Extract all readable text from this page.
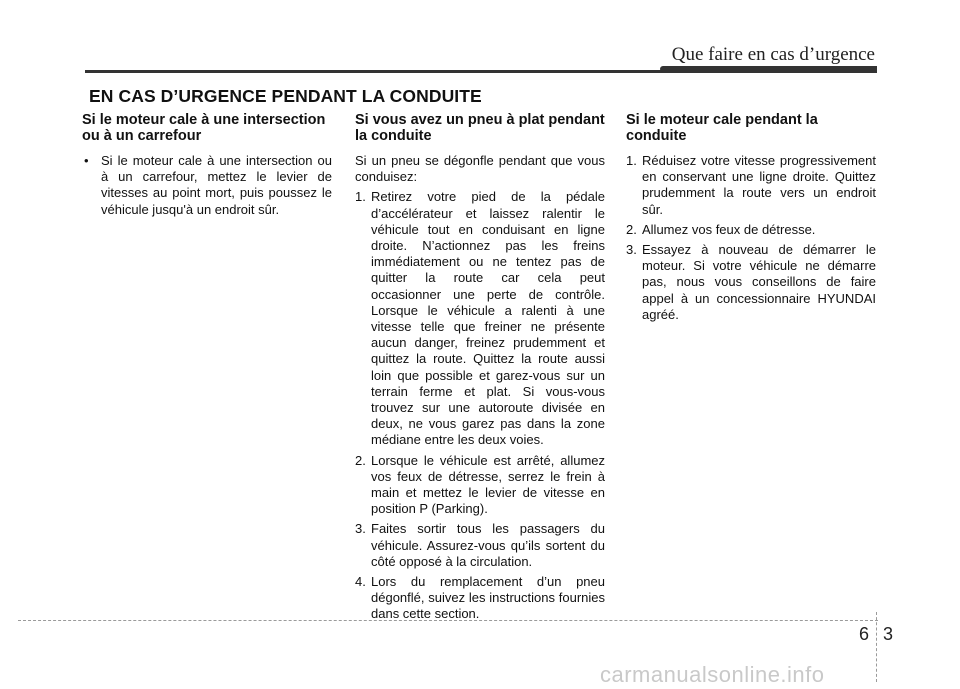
Que faire en cas d’urgence
EN CAS D’URGENCE PENDANT LA CONDUITE
Si le moteur cale à une intersection ou à un carrefour
• Si le moteur cale à une intersection ou à un carrefour, mettez le levier de vitesses au point mort, puis poussez le véhicule jusqu'à un endroit sûr.
Si vous avez un pneu à plat pendant la conduite

Si un pneu se dégonfle pendant que vous conduisez:

1. Retirez votre pied de la pédale d’accélérateur et laissez ralentir le véhicule tout en conduisant en ligne droite. N’actionnez pas les freins immédiatement ou ne tentez pas de quitter la route car cela peut occasionner une perte de contrôle. Lorsque le véhicule a ralenti à une vitesse telle que freiner ne présente aucun danger, freinez prudemment et quittez la route. Quittez la route aussi loin que possible et garez-vous sur un terrain ferme et plat. Si vous-vous trouvez sur une autoroute divisée en deux, ne vous garez pas dans la zone médiane entre les deux voies.
2. Lorsque le véhicule est arrêté, allumez vos feux de détresse, serrez le frein à main et mettez le levier de vitesse en position P (Parking).
3. Faites sortir tous les passagers du véhicule. Assurez-vous qu’ils sortent du côté opposé à la circulation.
4. Lors du remplacement d’un pneu dégonflé, suivez les instructions fournies dans cette section.
Si le moteur cale pendant la conduite
1. Réduisez votre vitesse progressivement en conservant une ligne droite. Quittez prudemment la route vers un endroit sûr.
2. Allumez vos feux de détresse.
3. Essayez à nouveau de démarrer le moteur. Si votre véhicule ne démarre pas, nous vous conseillons de faire appel à un concessionnaire HYUNDAI agréé.
6 3
carmanualsonline.info
